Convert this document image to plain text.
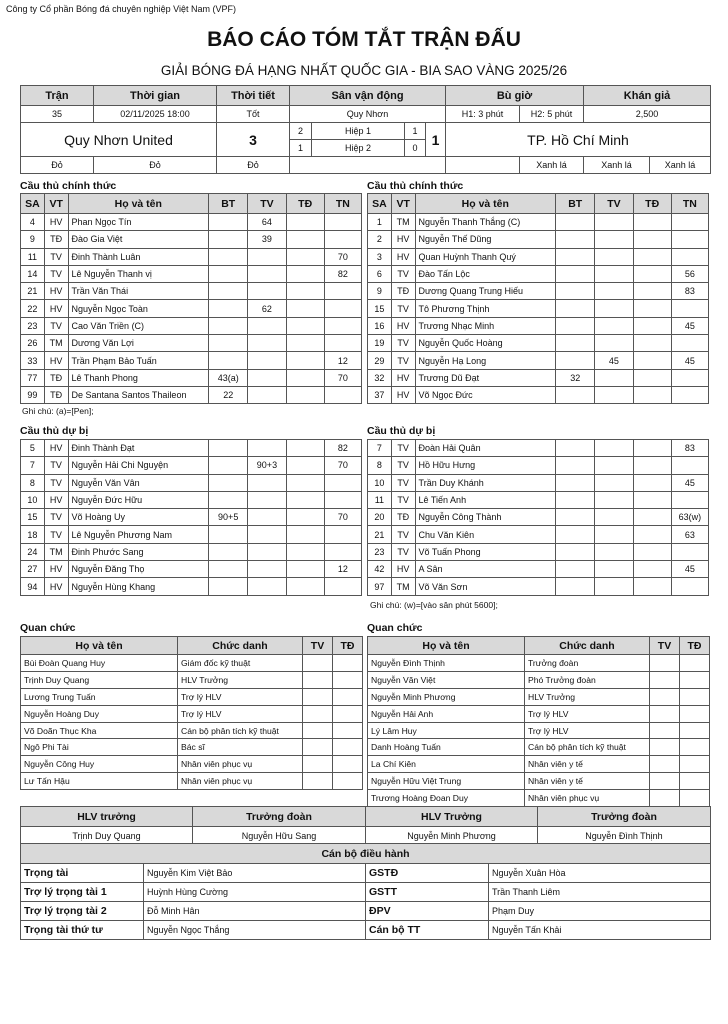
Công ty Cổ phần Bóng đá chuyên nghiệp Việt Nam (VPF)
BÁO CÁO TÓM TẮT TRẬN ĐẤU
GIẢI BÓNG ĐÁ HẠNG NHẤT QUỐC GIA - BIA SAO VÀNG 2025/26
Trận	Thời gian	Thời tiết	Sân vận động				Bù giờ		Khán giả	
35	02/11/2025 18:00	Tốt	Quy Nhơn				H1: 3 phút	H2: 5 phút	2,500	
Quy Nhơn United		3	2	Hiệp 1	1	1	TP. Hồ Chí Minh			
			1	Hiệp 2	0					
Đỏ	Đỏ	Đỏ						Xanh lá	Xanh lá	Xanh lá
Cầu thủ chính thức	Cầu thủ chính thức
SA	VT	Họ và tên	BT	TV	TĐ	TN
4	HV	Phan Ngọc Tín		64		
9	TĐ	Đào Gia Việt		39		
11	TV	Đinh Thành Luân				70
14	TV	Lê Nguyễn Thanh vị				82
21	HV	Trần Văn Thái				
22	HV	Nguyễn Ngọc Toàn		62		
23	TV	Cao Văn Triền (C)				
26	TM	Dương Văn Lợi				
33	HV	Trần Phạm Bảo Tuấn				12
77	TĐ	Lê Thanh Phong	43(a)			70
99	TĐ	De Santana Santos Thaileon	22			
SA	VT	Họ và tên	BT	TV	TĐ	TN
1	TM	Nguyễn Thanh Thắng (C)				
2	HV	Nguyễn Thế Dũng				
3	HV	Quan Huỳnh Thanh Quý				
6	TV	Đào Tấn Lộc				56
9	TĐ	Dương Quang Trung Hiếu				83
15	TV	Tô Phương Thịnh				
16	HV	Trương Nhạc Minh				45
19	TV	Nguyễn Quốc Hoàng				
29	TV	Nguyễn Hạ Long		45		45
32	HV	Trương Dũ Đạt	32			
37	HV	Võ Ngọc Đức				
Ghi chú: (a)=[Pen];
Cầu thủ dự bị	Cầu thủ dự bị
5	HV	Đinh Thành Đạt				82
7	TV	Nguyễn Hải Chi Nguyện		90+3		70
8	TV	Nguyễn Văn Vân				
10	HV	Nguyễn Đức Hữu				
15	TV	Võ Hoàng Uy	90+5			70
18	TV	Lê Nguyễn Phương Nam				
24	TM	Đinh Phước Sang				
27	HV	Nguyễn Đăng Thọ				12
94	HV	Nguyễn Hùng Khang				
7	TV	Đoàn Hải Quân				83
8	TV	Hồ Hữu Hưng				
10	TV	Trần Duy Khánh				45
11	TV	Lê Tiến Anh				
20	TĐ	Nguyễn Công Thành				63(w)
21	TV	Chu Văn Kiên				63
23	TV	Võ Tuấn Phong				
42	HV	A Sân				45
97	TM	Võ Văn Sơn				
Ghi chú: (w)=[vào sân phút 5600];
Quan chức	Quan chức
Họ và tên	Chức danh	TV	TĐ
Bùi Đoàn Quang Huy	Giám đốc kỹ thuật		
Trịnh Duy Quang	HLV Trưởng		
Lương Trung Tuấn	Trợ lý HLV		
Nguyễn Hoàng Duy	Trợ lý HLV		
Võ Doãn Thục Kha	Cán bộ phân tích kỹ thuật		
Ngô Phi Tài	Bác sĩ		
Nguyễn Công Huy	Nhân viên phục vụ		
Lư Tấn Hậu	Nhân viên phục vụ		
Họ và tên	Chức danh	TV	TĐ
Nguyễn Đình Thịnh	Trưởng đoàn		
Nguyễn Văn Việt	Phó Trưởng đoàn		
Nguyễn Minh Phương	HLV Trưởng		
Nguyễn Hải Anh	Trợ lý HLV		
Lý Lâm Huy	Trợ lý HLV		
Danh Hoàng Tuấn	Cán bộ phân tích kỹ thuật		
La Chí Kiên	Nhân viên y tế		
Nguyễn Hữu Việt Trung	Nhân viên y tế		
Trương Hoàng Đoan Duy	Nhân viên phục vụ		
HLV trưởng	Trưởng đoàn	HLV Trưởng	Trưởng đoàn
Trịnh Duy Quang	Nguyễn Hữu Sang	Nguyễn Minh Phương	Nguyễn Đình Thịnh
Cán bộ điều hành			
Trọng tài	Nguyễn Kim Việt Bảo	GSTĐ	Nguyễn Xuân Hòa
Trợ lý trọng tài 1	Huỳnh Hùng Cường	GSTT	Trần Thanh Liêm
Trợ lý trọng tài 2	Đỗ Minh Hân	ĐPV	Phạm Duy
Trọng tài thứ tư	Nguyễn Ngọc Thắng	Cán bộ TT	Nguyễn Tấn Khải
